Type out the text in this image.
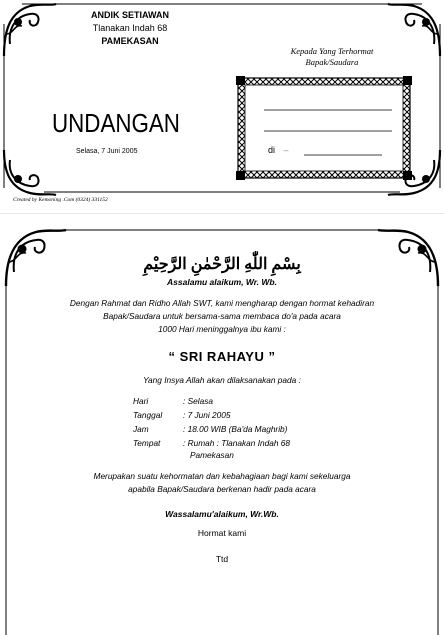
ANDIK SETIAWAN
Tlanakan Indah 68
PAMEKASAN
UNDANGAN
Selasa, 7 Juni 2005
Kepada Yang Terhormat
Bapak/Saudara
di –
Created by Kemoning .Com (0324) 331152
بِسْمِ اللّٰهِ الرَّحْمٰنِ الرَّحِيْمِ
Assalamu alaikum, Wr. Wb.
Dengan Rahmat dan Ridho Allah SWT, kami mengharap dengan hormat kehadiran
Bapak/Saudara untuk bersama-sama membaca do'a pada acara
1000 Hari meninggalnya ibu kami :
“ SRI RAHAYU ”
Yang Insya Allah akan dilaksanakan pada :
Hari	: Selasa
Tanggal	: 7 Juni 2005
Jam	: 18.00 WIB (Ba'da Maghrib)
Tempat	: Rumah : Tlanakan Indah 68
Pamekasan
Merupakan suatu kehormatan dan kebahagiaan bagi kami sekeluarga
apabila Bapak/Saudara berkenan hadir pada acara
Wassalamu'alaikum, Wr.Wb.
Hormat kami
Ttd
